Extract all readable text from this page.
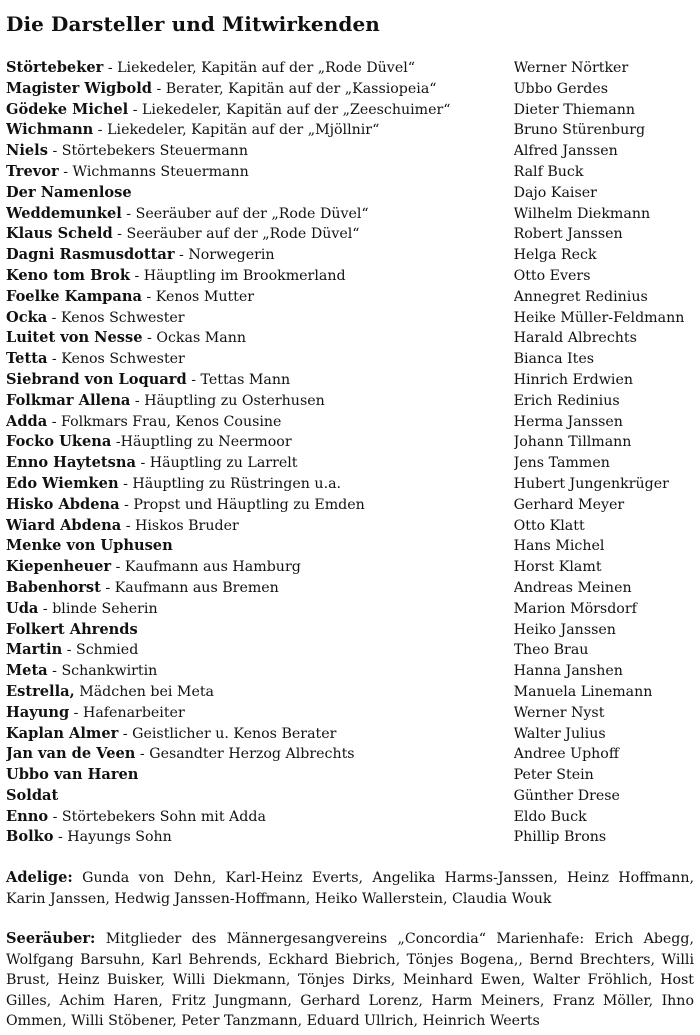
Die Darsteller und Mitwirkenden
Störtebeker - Liekedeler, Kapitän auf der „Rode Düvel“	Werner Nörtker
Magister Wigbold - Berater, Kapitän auf der „Kassiopeia“	Ubbo Gerdes
Gödeke Michel - Liekedeler, Kapitän auf der „Zeeschuimer“	Dieter Thiemann
Wichmann - Liekedeler, Kapitän auf der „Mjöllnir“	Bruno Stürenburg
Niels - Störtebekers Steuermann	Alfred Janssen
Trevor - Wichmanns Steuermann	Ralf Buck
Der Namenlose	Dajo Kaiser
Weddemunkel - Seeräuber auf der „Rode Düvel“	Wilhelm Diekmann
Klaus Scheld - Seeräuber auf der „Rode Düvel“	Robert Janssen
Dagni Rasmusdottar - Norwegerin	Helga Reck
Keno tom Brok - Häuptling im Brookmerland	Otto Evers
Foelke Kampana - Kenos Mutter	Annegret Redinius
Ocka - Kenos Schwester	Heike Müller-Feldmann
Luitet von Nesse - Ockas Mann	Harald Albrechts
Tetta - Kenos Schwester	Bianca Ites
Siebrand von Loquard - Tettas Mann	Hinrich Erdwien
Folkmar Allena - Häuptling zu Osterhusen	Erich Redinius
Adda - Folkmars Frau, Kenos Cousine	Herma Janssen
Focko Ukena -Häuptling zu Neermoor	Johann Tillmann
Enno Haytetsna - Häuptling zu Larrelt	Jens Tammen
Edo Wiemken - Häuptling zu Rüstringen u.a.	Hubert Jungenkrüger
Hisko Abdena - Propst und Häuptling zu Emden	Gerhard Meyer
Wiard Abdena - Hiskos Bruder	Otto Klatt
Menke von Uphusen	Hans Michel
Kiepenheuer - Kaufmann aus Hamburg	Horst Klamt
Babenhorst - Kaufmann aus Bremen	Andreas Meinen
Uda - blinde Seherin	Marion Mörsdorf
Folkert Ahrends	Heiko Janssen
Martin - Schmied	Theo Brau
Meta - Schankwirtin	Hanna Janshen
Estrella, Mädchen bei Meta	Manuela Linemann
Hayung - Hafenarbeiter	Werner Nyst
Kaplan Almer - Geistlicher u. Kenos Berater	Walter Julius
Jan van de Veen - Gesandter Herzog Albrechts	Andree Uphoff
Ubbo van Haren	Peter Stein
Soldat	Günther Drese
Enno - Störtebekers Sohn mit Adda	Eldo Buck
Bolko - Hayungs Sohn	Phillip Brons

Adelige: Gunda von Dehn, Karl-Heinz Everts, Angelika Harms-Janssen, Heinz Hoffmann, Karin Janssen, Hedwig Janssen-Hoffmann, Heiko Wallerstein, Claudia Wouk

Seeräuber: Mitglieder des Männergesangvereins „Concordia“ Marienhafe: Erich Abegg, Wolfgang Barsuhn, Karl Behrends, Eckhard Biebrich, Tönjes Bogena,, Bernd Brechters, Willi Brust, Heinz Buisker, Willi Diekmann, Tönjes Dirks, Meinhard Ewen, Walter Fröhlich, Host Gilles, Achim Haren, Fritz Jungmann, Gerhard Lorenz, Harm Meiners, Franz Möller, Ihno Ommen, Willi Stöbener, Peter Tanzmann, Eduard Ullrich, Heinrich Weerts
